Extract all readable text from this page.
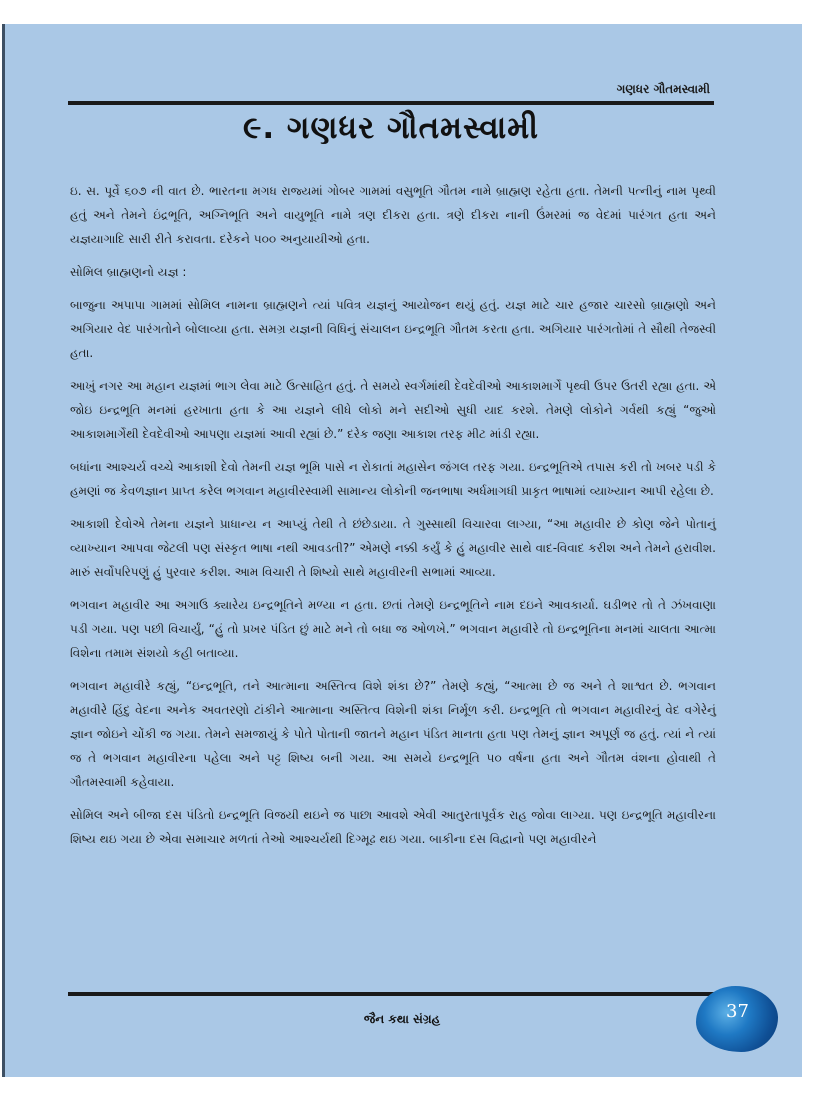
ગણધર ગૌતમસ્વામી
૯. ગણધર ગૌતમસ્વામી

ઇ. સ. પૂર્વે ૬૦૭ ની વાત છે. ભારતના મગધ રાજ્યમાં ગોબર ગામમાં વસુભૂતિ ગૌતમ નામે બ્રાહ્મણ રહેતા હતા. તેમની પત્નીનું નામ પૃથ્વી હતું અને તેમને ઇંદ્રભૂતિ, અગ્નિભૂતિ અને વાયુભૂતિ નામે ત્રણ દીકરા હતા. ત્રણે દીકરા નાની ઉંમરમાં જ વેદમાં પારંગત હતા અને યજ્ઞયાગાદિ સારી રીતે કરાવતા. દરેકને ૫૦૦ અનુયાયીઓ હતા.

સોમિલ બ્રાહ્મણનો યજ્ઞ :

બાજુના અપાપા ગામમાં સોમિલ નામના બ્રાહ્મણને ત્યાં પવિત્ર યજ્ઞનું આયોજન થયું હતું. યજ્ઞ માટે ચાર હજાર ચારસો બ્રાહ્મણો અને અગિયાર વેદ પારંગતોને બોલાવ્યા હતા. સમગ્ર યજ્ઞની વિધિનું સંચાલન ઇન્દ્રભૂતિ ગૌતમ કરતા હતા. અગિયાર પારંગતોમાં તે સૌથી તેજસ્વી હતા.

આખું નગર આ મહાન યજ્ઞમાં ભાગ લેવા માટે ઉત્સાહિત હતું. તે સમયે સ્વર્ગમાંથી દેવદેવીઓ આકાશમાર્ગે પૃથ્વી ઉપર ઉતરી રહ્યા હતા. એ જોઇ ઇન્દ્રભૂતિ મનમાં હરખાતા હતા કે આ યજ્ઞને લીધે લોકો મને સદીઓ સુધી યાદ કરશે. તેમણે લોકોને ગર્વથી કહ્યું “જુઓ આકાશમાર્ગેથી દેવદેવીઓ આપણા યજ્ઞમાં આવી રહ્યાં છે.” દરેક જણા આકાશ તરફ મીટ માંડી રહ્યા.

બધાંના આશ્ચર્ય વચ્ચે આકાશી દેવો તેમની યજ્ઞ ભૂમિ પાસે ન રોકાતાં મહાસેન જંગલ તરફ ગયા. ઇન્દ્રભૂતિએ તપાસ કરી તો ખબર પડી કે હમણાં જ કેવળજ્ઞાન પ્રાપ્ત કરેલ ભગવાન મહાવીરસ્વામી સામાન્ય લોકોની જનભાષા અર્ધમાગધી પ્રાકૃત ભાષામાં વ્યાખ્યાન આપી રહેલા છે.

આકાશી દેવોએ તેમના યજ્ઞને પ્રાધાન્ય ન આપ્યું તેથી તે છંછેડાયા. તે ગુસ્સાથી વિચારવા લાગ્યા, “આ મહાવીર છે કોણ જેને પોતાનું વ્યાખ્યાન આપવા જેટલી પણ સંસ્કૃત ભાષા નથી આવડતી?” એમણે નક્કી કર્યું કે હું મહાવીર સાથે વાદ-વિવાદ કરીશ અને તેમને હરાવીશ. મારું સર્વોપરિપણું હું પુરવાર કરીશ. આમ વિચારી તે શિષ્યો સાથે મહાવીરની સભામાં આવ્યા.

ભગવાન મહાવીર આ અગાઉ ક્યારેય ઇન્દ્રભૂતિને મળ્યા ન હતા. છતાં તેમણે ઇન્દ્રભૂતિને નામ દઇને આવકાર્યા. ઘડીભર તો તે ઝંખવાણા પડી ગયા. પણ પછી વિચાર્યું, “હું તો પ્રખર પંડિત છું માટે મને તો બધા જ ઓળખે.” ભગવાન મહાવીરે તો ઇન્દ્રભૂતિના મનમાં ચાલતા આત્મા વિશેના તમામ સંશયો કહી બતાવ્યા.

ભગવાન મહાવીરે કહ્યું, “ઇન્દ્રભૂતિ, તને આત્માના અસ્તિત્વ વિશે શંકા છે?” તેમણે કહ્યું, “આત્મા છે જ અને તે શાશ્વત છે. ભગવાન મહાવીરે હિંદુ વેદના અનેક અવતરણો ટાંકીને આત્માના અસ્તિત્વ વિશેની શંકા નિર્મૂળ કરી. ઇન્દ્રભૂતિ તો ભગવાન મહાવીરનું વેદ વગેરેનું જ્ઞાન જોઇને ચોંકી જ ગયા. તેમને સમજાયું કે પોતે પોતાની જાતને મહાન પંડિત માનતા હતા પણ તેમનું જ્ઞાન અપૂર્ણ જ હતું. ત્યાં ને ત્યાં જ તે ભગવાન મહાવીરના પહેલા અને પટ્ટ શિષ્ય બની ગયા. આ સમયે ઇન્દ્રભૂતિ ૫૦ વર્ષના હતા અને ગૌતમ વંશના હોવાથી તે ગૌતમસ્વામી કહેવાયા.

સોમિલ અને બીજા દસ પંડિતો ઇન્દ્રભૂતિ વિજયી થઇને જ પાછા આવશે એવી આતુરતાપૂર્વક રાહ જોવા લાગ્યા. પણ ઇન્દ્રભૂતિ મહાવીરના શિષ્ય થઇ ગયા છે એવા સમાચાર મળતાં તેઓ આશ્ચર્યથી દિગ્મૂઢ થઇ ગયા. બાકીના દસ વિદ્વાનો પણ મહાવીરને

જૈન કથા સંગ્રહ	37
